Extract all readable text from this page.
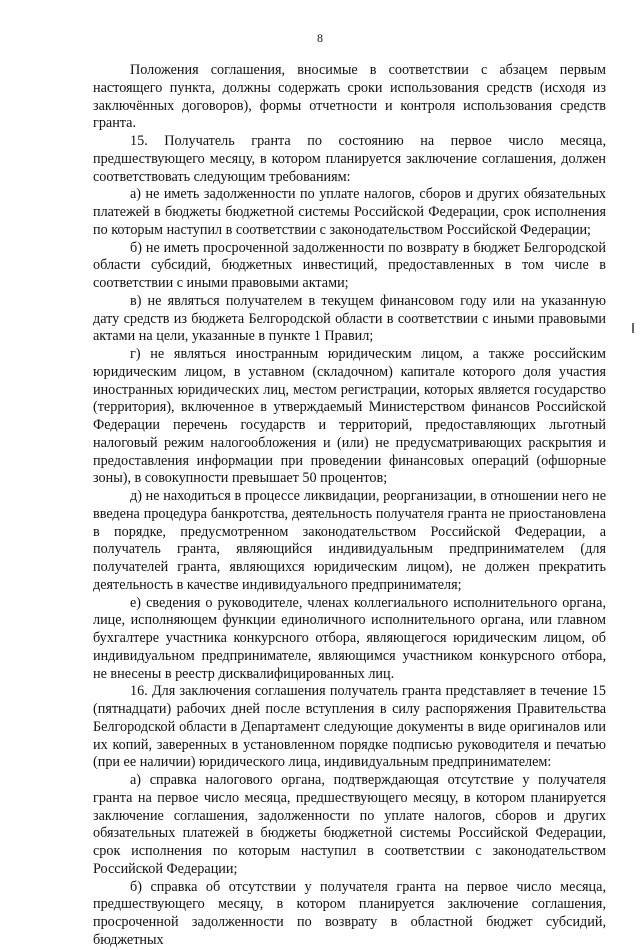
8

Положения соглашения, вносимые в соответствии с абзацем первым настоящего пункта, должны содержать сроки использования средств (исходя из заключённых договоров), формы отчетности и контроля использования средств гранта.

15. Получатель гранта по состоянию на первое число месяца, предшествующего месяцу, в котором планируется заключение соглашения, должен соответствовать следующим требованиям:

а) не иметь задолженности по уплате налогов, сборов и других обязательных платежей в бюджеты бюджетной системы Российской Федерации, срок исполнения по которым наступил в соответствии с законодательством Российской Федерации;

б) не иметь просроченной задолженности по возврату в бюджет Белгородской области субсидий, бюджетных инвестиций, предоставленных в том числе в соответствии с иными правовыми актами;

в) не являться получателем в текущем финансовом году или на указанную дату средств из бюджета Белгородской области в соответствии с иными правовыми актами на цели, указанные в пункте 1 Правил;

г) не являться иностранным юридическим лицом, а также российским юридическим лицом, в уставном (складочном) капитале которого доля участия иностранных юридических лиц, местом регистрации, которых является государство (территория), включенное в утверждаемый Министерством финансов Российской Федерации перечень государств и территорий, предоставляющих льготный налоговый режим налогообложения и (или) не предусматривающих раскрытия и предоставления информации при проведении финансовых операций (офшорные зоны), в совокупности превышает 50 процентов;

д) не находиться в процессе ликвидации, реорганизации, в отношении него не введена процедура банкротства, деятельность получателя гранта не приостановлена в порядке, предусмотренном законодательством Российской Федерации, а получатель гранта, являющийся индивидуальным предпринимателем (для получателей гранта, являющихся юридическим лицом), не должен прекратить деятельность в качестве индивидуального предпринимателя;

е) сведения о руководителе, членах коллегиального исполнительного органа, лице, исполняющем функции единоличного исполнительного органа, или главном бухгалтере участника конкурсного отбора, являющегося юридическим лицом, об индивидуальном предпринимателе, являющимся участником конкурсного отбора, не внесены в реестр дисквалифицированных лиц.

16. Для заключения соглашения получатель гранта представляет в течение 15 (пятнадцати) рабочих дней после вступления в силу распоряжения Правительства Белгородской области в Департамент следующие документы в виде оригиналов или их копий, заверенных в установленном порядке подписью руководителя и печатью (при ее наличии) юридического лица, индивидуальным предпринимателем:

а) справка налогового органа, подтверждающая отсутствие у получателя гранта на первое число месяца, предшествующего месяцу, в котором планируется заключение соглашения, задолженности по уплате налогов, сборов и других обязательных платежей в бюджеты бюджетной системы Российской Федерации, срок исполнения по которым наступил в соответствии с законодательством Российской Федерации;

б) справка об отсутствии у получателя гранта на первое число месяца, предшествующего месяцу, в котором планируется заключение соглашения, просроченной задолженности по возврату в областной бюджет субсидий, бюджетных
